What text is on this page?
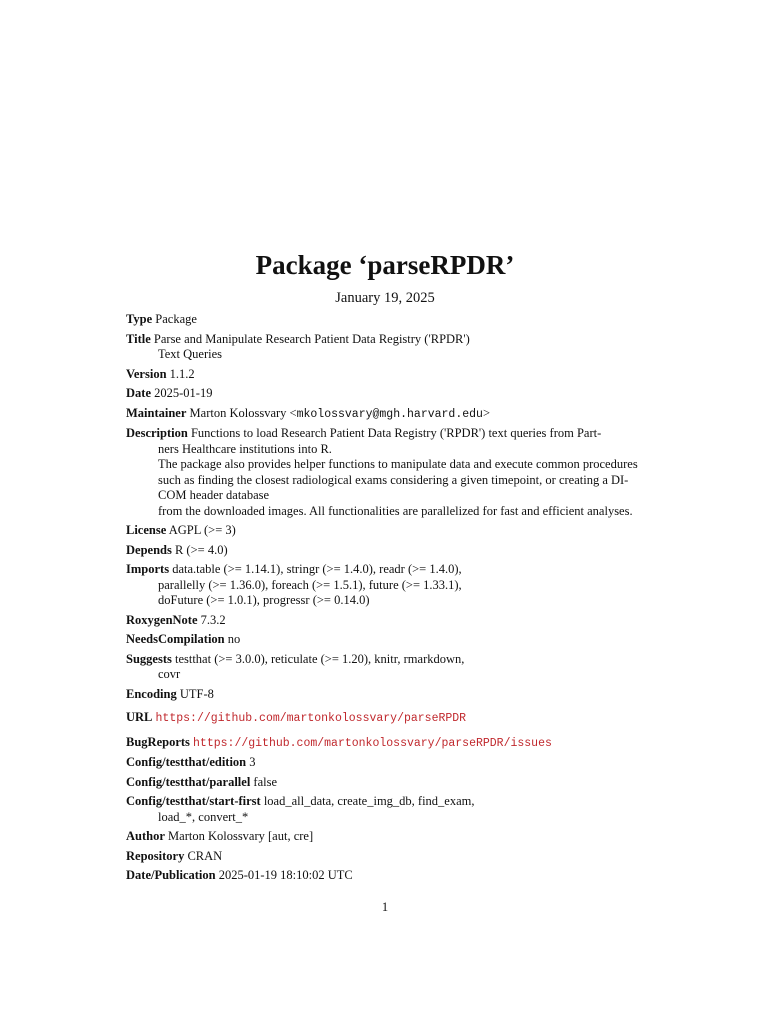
Package ‘parseRPDR’
January 19, 2025
Type Package
Title Parse and Manipulate Research Patient Data Registry ('RPDR')
Text Queries
Version 1.1.2
Date 2025-01-19
Maintainer Marton Kolossvary <mkolossvary@mgh.harvard.edu>
Description Functions to load Research Patient Data Registry ('RPDR') text queries from Part-
ners Healthcare institutions into R.
The package also provides helper functions to manipulate data and execute common procedures
such as finding the closest radiological exams considering a given timepoint, or creating a DI-
COM header database
from the downloaded images. All functionalities are parallelized for fast and efficient analyses.
License AGPL (>= 3)
Depends R (>= 4.0)
Imports data.table (>= 1.14.1), stringr (>= 1.4.0), readr (>= 1.4.0),
parallelly (>= 1.36.0), foreach (>= 1.5.1), future (>= 1.33.1),
doFuture (>= 1.0.1), progressr (>= 0.14.0)
RoxygenNote 7.3.2
NeedsCompilation no
Suggests testthat (>= 3.0.0), reticulate (>= 1.20), knitr, rmarkdown,
covr
Encoding UTF-8
URL https://github.com/martonkolossvary/parseRPDR
BugReports https://github.com/martonkolossvary/parseRPDR/issues
Config/testthat/edition 3
Config/testthat/parallel false
Config/testthat/start-first load_all_data, create_img_db, find_exam,
load_*, convert_*
Author Marton Kolossvary [aut, cre]
Repository CRAN
Date/Publication 2025-01-19 18:10:02 UTC
1
